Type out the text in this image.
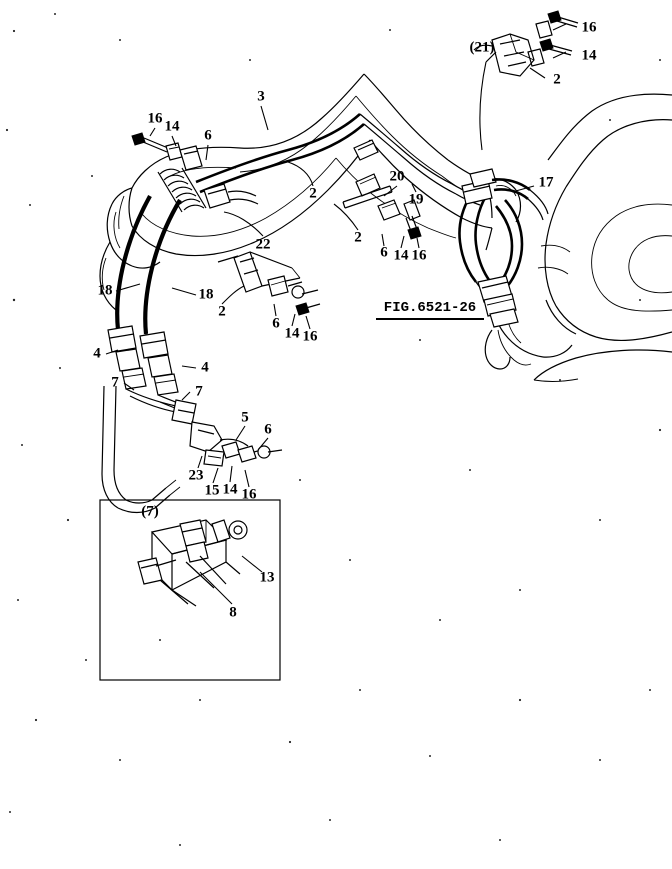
16
14
2
(21)
3
16 14
6
2
20
19
17
2
6 14 16
22
18	18
2
6
14 16
4
4
7
7
5
6
23
15 14 16
(7)
13
8
FIG.6521-26
